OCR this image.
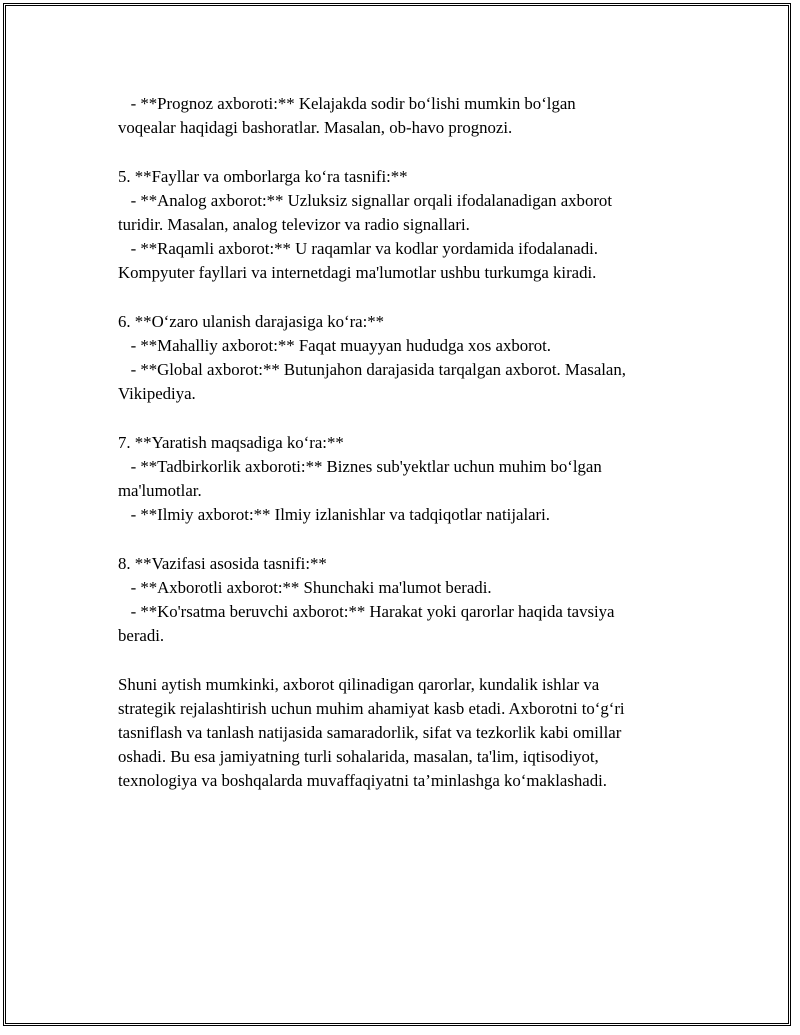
- **Prognoz axboroti:** Kelajakda sodir bo‘lishi mumkin bo‘lgan
voqealar haqidagi bashoratlar. Masalan, ob-havo prognozi.
5. **Fayllar va omborlarga ko‘ra tasnifi:**
- **Analog axborot:** Uzluksiz signallar orqali ifodalanadigan axborot
turidir. Masalan, analog televizor va radio signallari.
- **Raqamli axborot:** U raqamlar va kodlar yordamida ifodalanadi.
Kompyuter fayllari va internetdagi ma'lumotlar ushbu turkumga kiradi.
6. **O‘zaro ulanish darajasiga ko‘ra:**
- **Mahalliy axborot:** Faqat muayyan hududga xos axborot.
- **Global axborot:** Butunjahon darajasida tarqalgan axborot. Masalan,
Vikipediya.
7. **Yaratish maqsadiga ko‘ra:**
- **Tadbirkorlik axboroti:** Biznes sub'yektlar uchun muhim bo‘lgan
ma'lumotlar.
- **Ilmiy axborot:** Ilmiy izlanishlar va tadqiqotlar natijalari.
8. **Vazifasi asosida tasnifi:**
- **Axborotli axborot:** Shunchaki ma'lumot beradi.
- **Ko'rsatma beruvchi axborot:** Harakat yoki qarorlar haqida tavsiya
beradi.
Shuni aytish mumkinki, axborot qilinadigan qarorlar, kundalik ishlar va
strategik rejalashtirish uchun muhim ahamiyat kasb etadi. Axborotni to‘g‘ri
tasniflash va tanlash natijasida samaradorlik, sifat va tezkorlik kabi omillar
oshadi. Bu esa jamiyatning turli sohalarida, masalan, ta'lim, iqtisodiyot,
texnologiya va boshqalarda muvaffaqiyatni ta’minlashga ko‘maklashadi.
